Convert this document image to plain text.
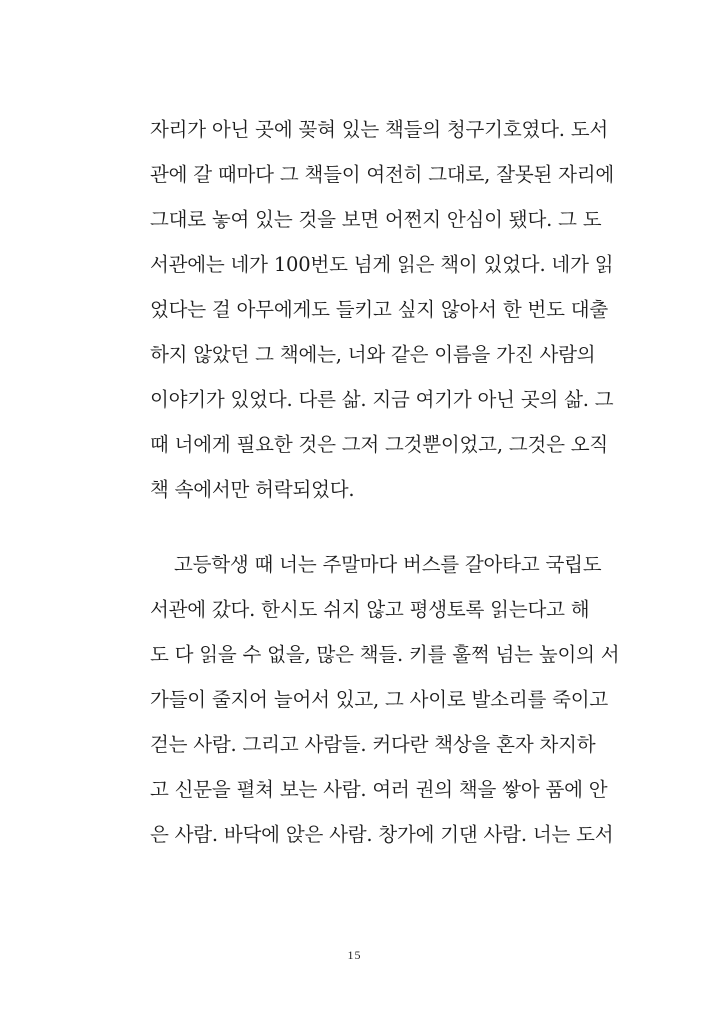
자리가 아닌 곳에 꽂혀 있는 책들의 청구기호였다. 도서
관에 갈 때마다 그 책들이 여전히 그대로, 잘못된 자리에
그대로 놓여 있는 것을 보면 어쩐지 안심이 됐다. 그 도
서관에는 네가 100번도 넘게 읽은 책이 있었다. 네가 읽
었다는 걸 아무에게도 들키고 싶지 않아서 한 번도 대출
하지 않았던 그 책에는, 너와 같은 이름을 가진 사람의
이야기가 있었다. 다른 삶. 지금 여기가 아닌 곳의 삶. 그
때 너에게 필요한 것은 그저 그것뿐이었고, 그것은 오직
책 속에서만 허락되었다.
고등학생 때 너는 주말마다 버스를 갈아타고 국립도
서관에 갔다. 한시도 쉬지 않고 평생토록 읽는다고 해
도 다 읽을 수 없을, 많은 책들. 키를 훌쩍 넘는 높이의 서
가들이 줄지어 늘어서 있고, 그 사이로 발소리를 죽이고
걷는 사람. 그리고 사람들. 커다란 책상을 혼자 차지하
고 신문을 펼쳐 보는 사람. 여러 권의 책을 쌓아 품에 안
은 사람. 바닥에 앉은 사람. 창가에 기댄 사람. 너는 도서
15
